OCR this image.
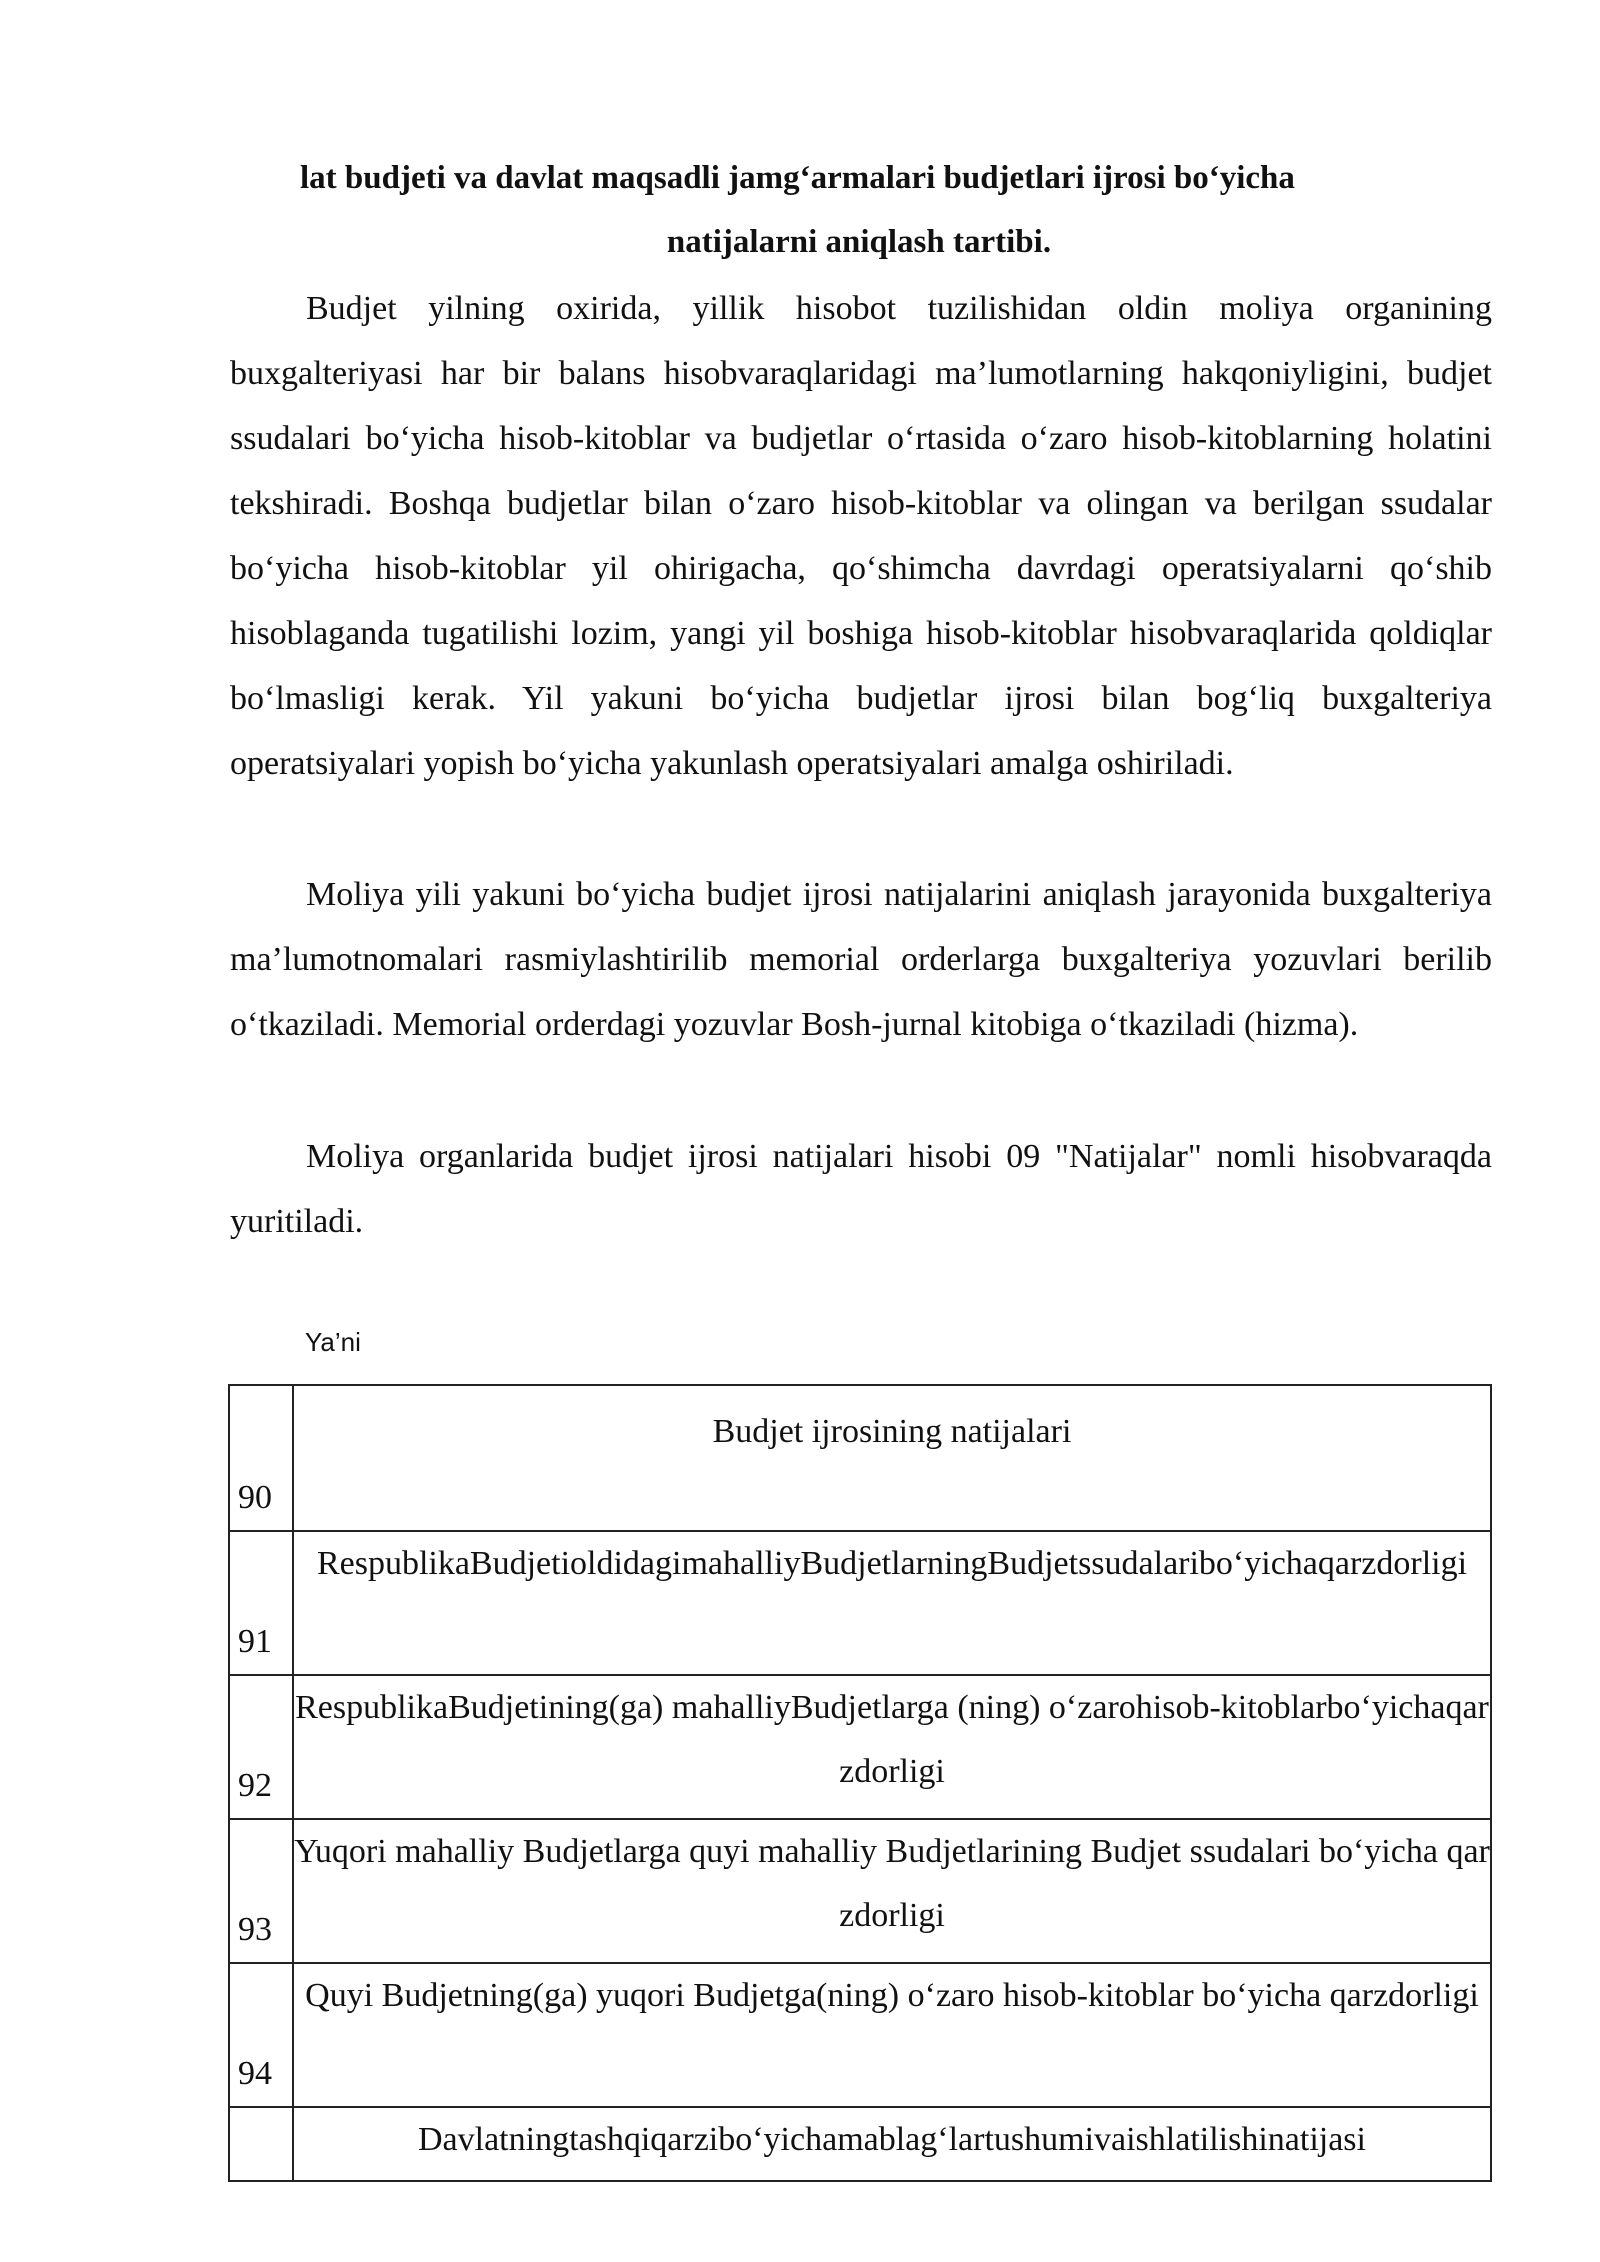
lat budjeti va davlat maqsadli jamg‘armalari budjetlari ijrosi bo‘yicha
natijalarni aniqlash tartibi.

Budjet yilning oxirida, yillik hisobot tuzilishidan oldin moliya organining buxgalteriyasi har bir balans hisobvaraqlaridagi ma’lumotlarning hakqoniyligini, budjet ssudalari bo‘yicha hisob-kitoblar va budjetlar o‘rtasida o‘zaro hisob-kitoblarning holatini tekshiradi. Boshqa budjetlar bilan o‘zaro hisob-kitoblar va olingan va berilgan ssudalar bo‘yicha hisob-kitoblar yil ohirigacha, qo‘shimcha davrdagi operatsiyalarni qo‘shib hisoblaganda tugatilishi lozim, yangi yil boshiga hisob-kitoblar hisobvaraqlarida qoldiqlar bo‘lmasligi kerak. Yil yakuni bo‘yicha budjetlar ijrosi bilan bog‘liq buxgalteriya operatsiyalari yopish bo‘yicha yakunlash operatsiyalari amalga oshiriladi.

Moliya yili yakuni bo‘yicha budjet ijrosi natijalarini aniqlash jarayonida buxgalteriya ma’lumotnomalari rasmiylashtirilib memorial orderlarga buxgalteriya yozuvlari berilib o‘tkaziladi. Memorial orderdagi yozuvlar Bosh-jurnal kitobiga o‘tkaziladi (hizma).

Moliya organlarida budjet ijrosi natijalari hisobi 09 "Natijalar" nomli hisobvaraqda yuritiladi.

Ya’ni
90	Budjet ijrosining natijalari
91	RespublikaBudjetioldidagimahalliyBudjetlarningBudjetssudalaribo‘yichaqarzdorligi
92	RespublikaBudjetining(ga) mahalliyBudjetlarga (ning) o‘zarohisob-kitoblarbo‘yichaqarzdorligi
93	Yuqori mahalliy Budjetlarga quyi mahalliy Budjetlarining Budjet ssudalari bo‘yicha qarzdorligi
94	Quyi Budjetning(ga) yuqori Budjetga(ning) o‘zaro hisob-kitoblar bo‘yicha qarzdorligi
	Davlatningtashqiqarzibo‘yichamablag‘lartushumivaishlatilishinatijasi
